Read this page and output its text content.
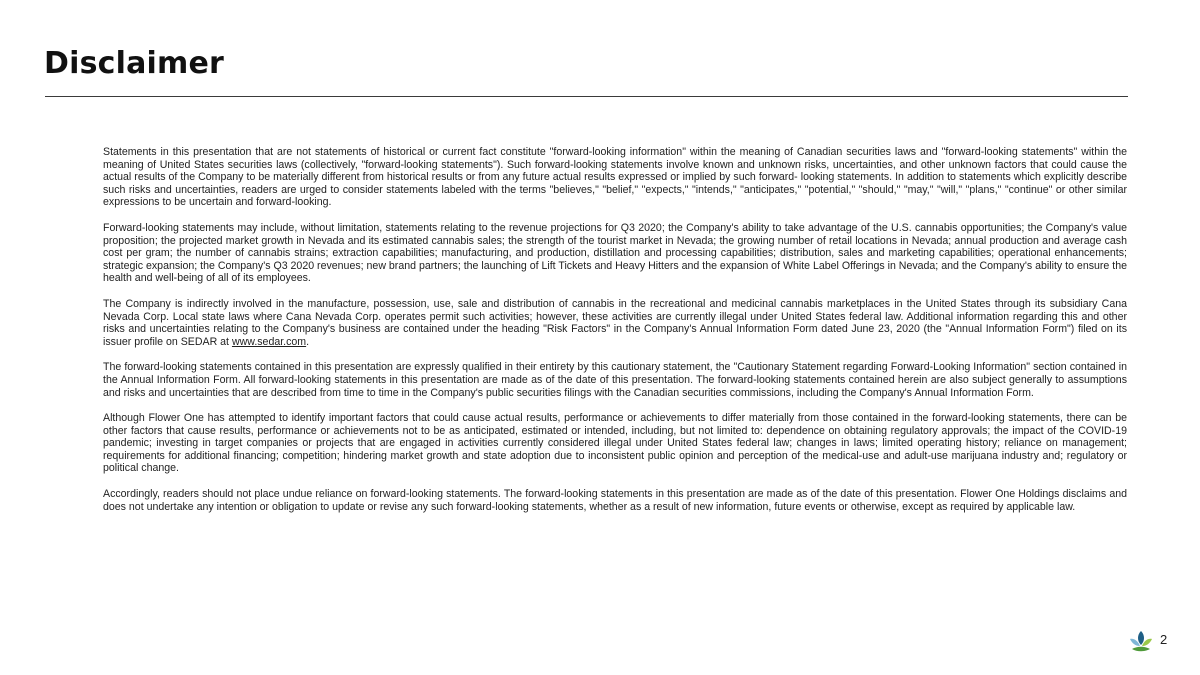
Disclaimer

Statements in this presentation that are not statements of historical or current fact constitute "forward-looking information" within the meaning of Canadian securities laws and "forward-looking statements" within the meaning of United States securities laws (collectively, "forward-looking statements"). Such forward-looking statements involve known and unknown risks, uncertainties, and other unknown factors that could cause the actual results of the Company to be materially different from historical results or from any future actual results expressed or implied by such forward- looking statements. In addition to statements which explicitly describe such risks and uncertainties, readers are urged to consider statements labeled with the terms "believes," "belief," "expects," "intends," "anticipates," "potential," "should," "may," "will," "plans," "continue" or other similar expressions to be uncertain and forward-looking.

Forward-looking statements may include, without limitation, statements relating to the revenue projections for Q3 2020; the Company's ability to take advantage of the U.S. cannabis opportunities; the Company's value proposition; the projected market growth in Nevada and its estimated cannabis sales; the strength of the tourist market in Nevada; the growing number of retail locations in Nevada; annual production and average cash cost per gram; the number of cannabis strains; extraction capabilities; manufacturing, and production, distillation and processing capabilities; distribution, sales and marketing capabilities; operational enhancements; strategic expansion; the Company's Q3 2020 revenues; new brand partners; the launching of Lift Tickets and Heavy Hitters and the expansion of White Label Offerings in Nevada; and the Company's ability to ensure the health and well-being of all of its employees.

The Company is indirectly involved in the manufacture, possession, use, sale and distribution of cannabis in the recreational and medicinal cannabis marketplaces in the United States through its subsidiary Cana Nevada Corp. Local state laws where Cana Nevada Corp. operates permit such activities; however, these activities are currently illegal under United States federal law. Additional information regarding this and other risks and uncertainties relating to the Company's business are contained under the heading "Risk Factors" in the Company's Annual Information Form dated June 23, 2020 (the "Annual Information Form") filed on its issuer profile on SEDAR at www.sedar.com.

The forward-looking statements contained in this presentation are expressly qualified in their entirety by this cautionary statement, the "Cautionary Statement regarding Forward-Looking Information" section contained in the Annual Information Form. All forward-looking statements in this presentation are made as of the date of this presentation. The forward-looking statements contained herein are also subject generally to assumptions and risks and uncertainties that are described from time to time in the Company's public securities filings with the Canadian securities commissions, including the Company's Annual Information Form.

Although Flower One has attempted to identify important factors that could cause actual results, performance or achievements to differ materially from those contained in the forward-looking statements, there can be other factors that cause results, performance or achievements not to be as anticipated, estimated or intended, including, but not limited to: dependence on obtaining regulatory approvals; the impact of the COVID-19 pandemic; investing in target companies or projects that are engaged in activities currently considered illegal under United States federal law; changes in laws; limited operating history; reliance on management; requirements for additional financing; competition; hindering market growth and state adoption due to inconsistent public opinion and perception of the medical-use and adult-use marijuana industry and; regulatory or political change.

Accordingly, readers should not place undue reliance on forward-looking statements. The forward-looking statements in this presentation are made as of the date of this presentation. Flower One Holdings disclaims and does not undertake any intention or obligation to update or revise any such forward-looking statements, whether as a result of new information, future events or otherwise, except as required by applicable law.

2
